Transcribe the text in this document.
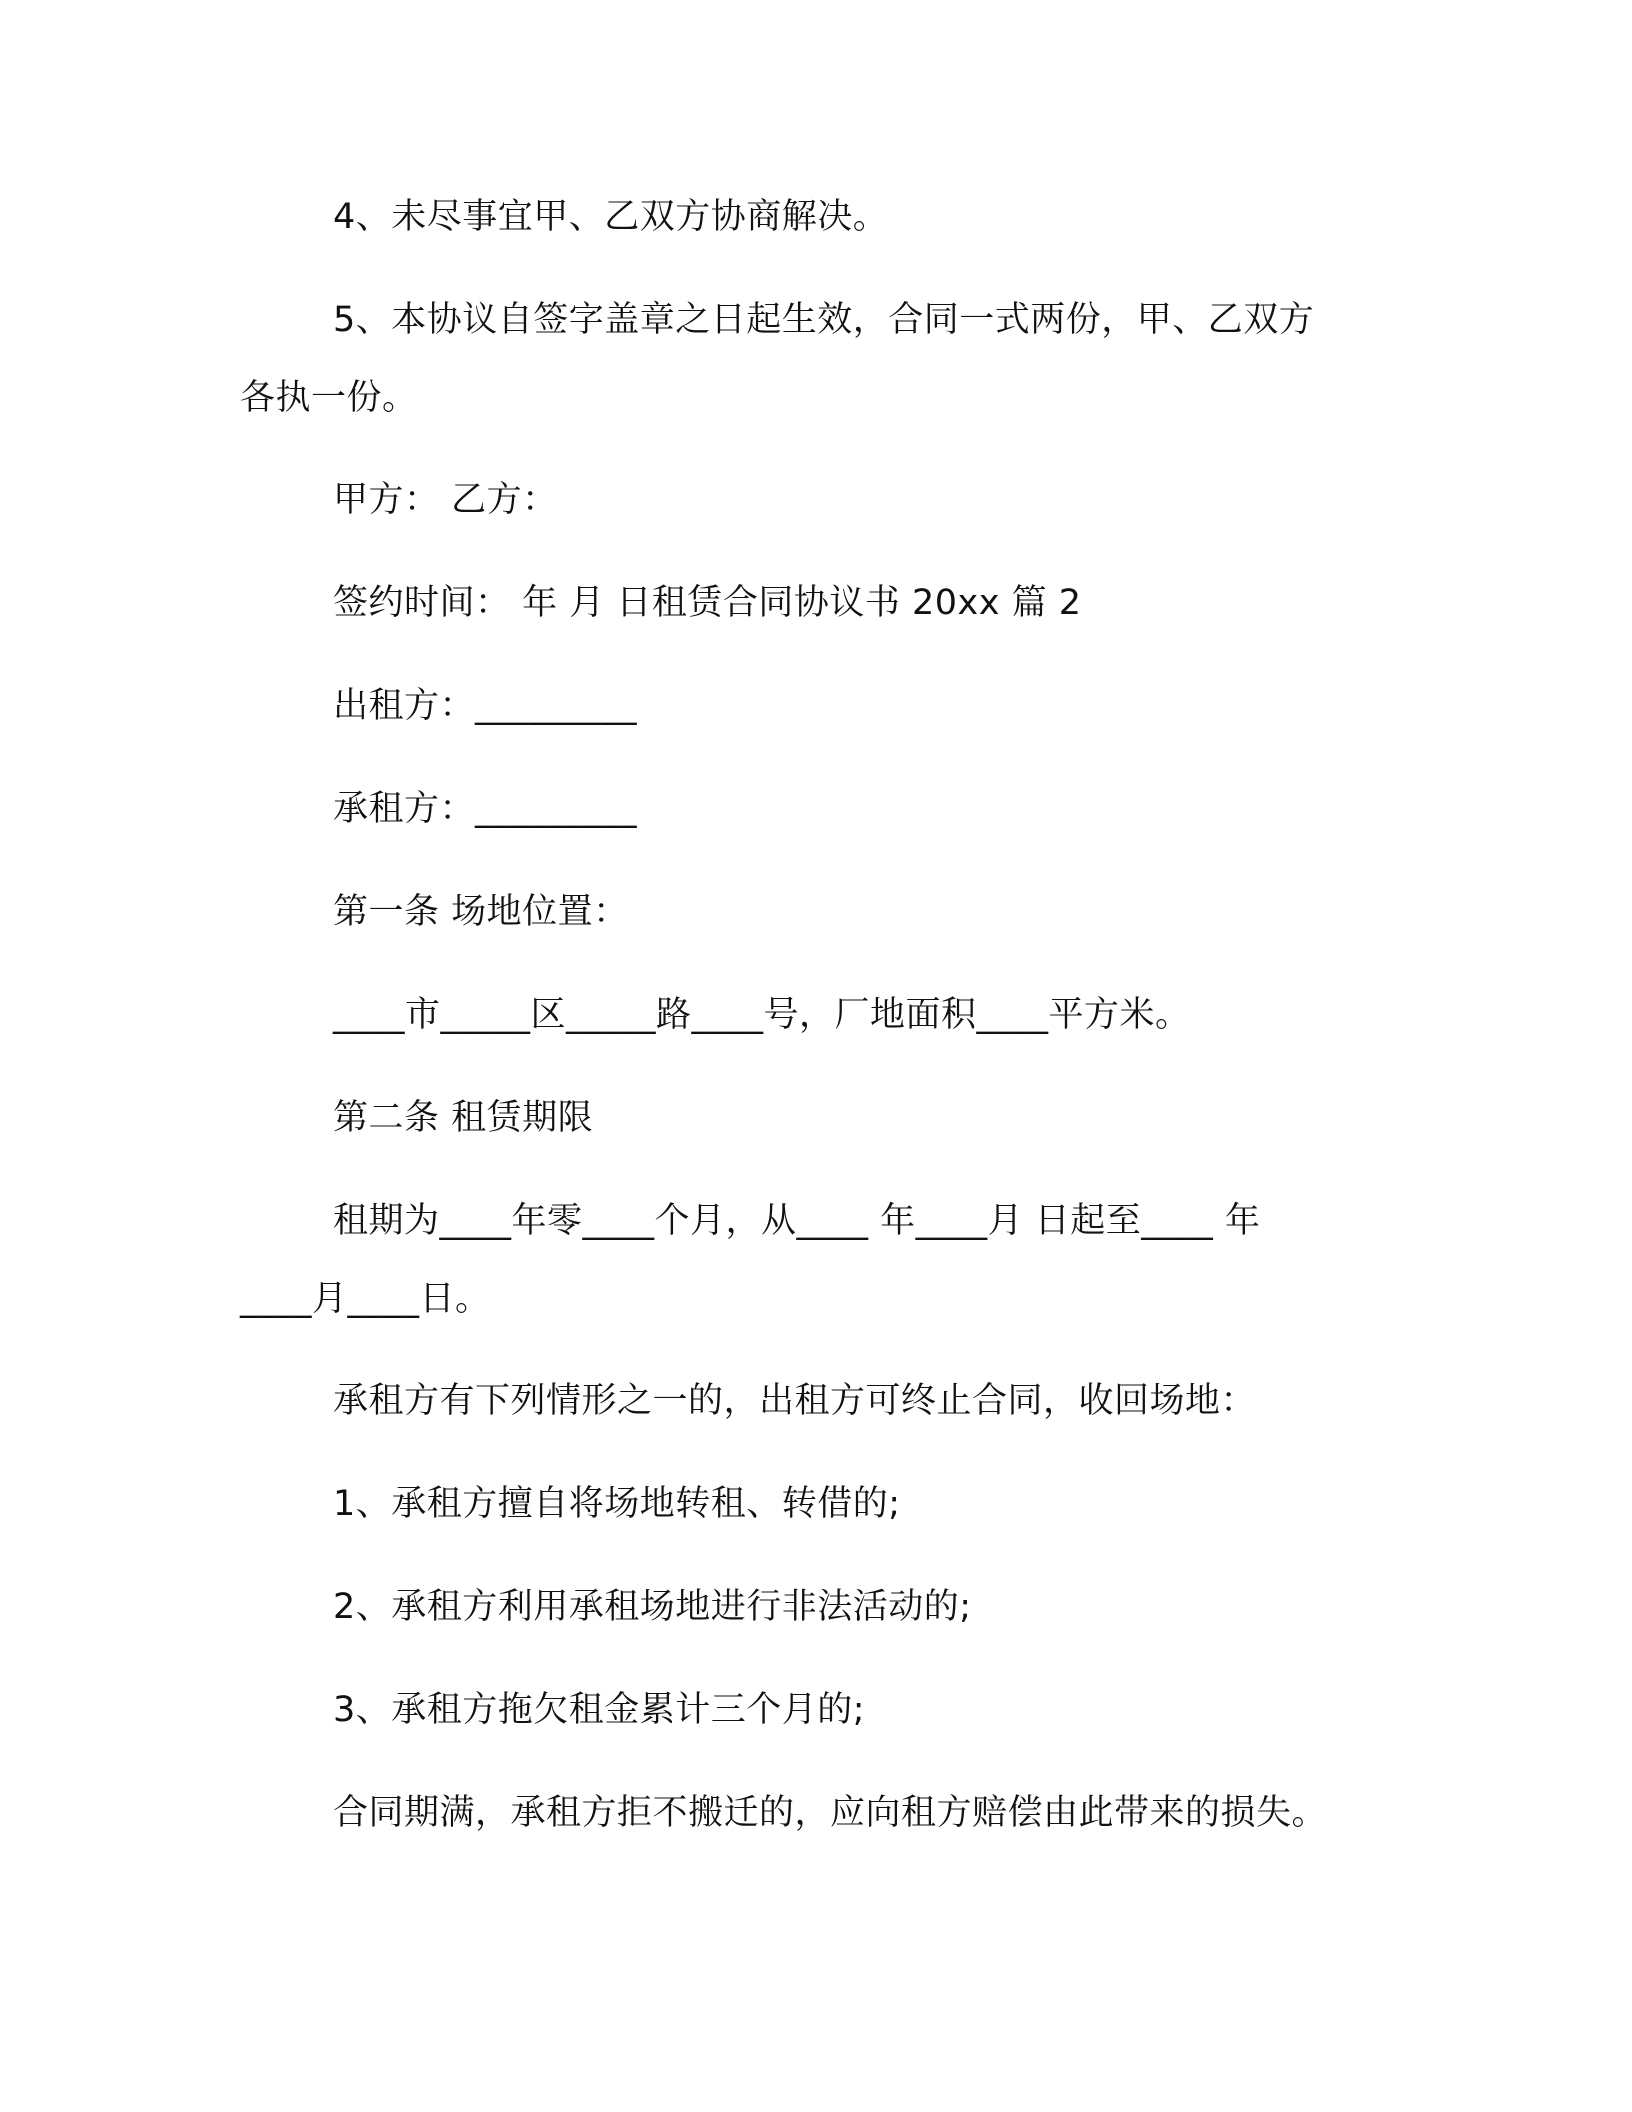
4、未尽事宜甲、乙双方协商解决。
5、本协议自签字盖章之日起生效，合同一式两份，甲、乙双方
各执一份。
甲方： 乙方：
签约时间： 年 月 日租赁合同协议书 20xx 篇 2
出租方：_________
承租方：_________
第一条 场地位置：
____市_____区_____路____号，厂地面积____平方米。
第二条 租赁期限
租期为____年零____个月，从____ 年____月 日起至____ 年
____月____日。
承租方有下列情形之一的，出租方可终止合同，收回场地：
1、承租方擅自将场地转租、转借的;
2、承租方利用承租场地进行非法活动的;
3、承租方拖欠租金累计三个月的;
合同期满，承租方拒不搬迁的，应向租方赔偿由此带来的损失。
